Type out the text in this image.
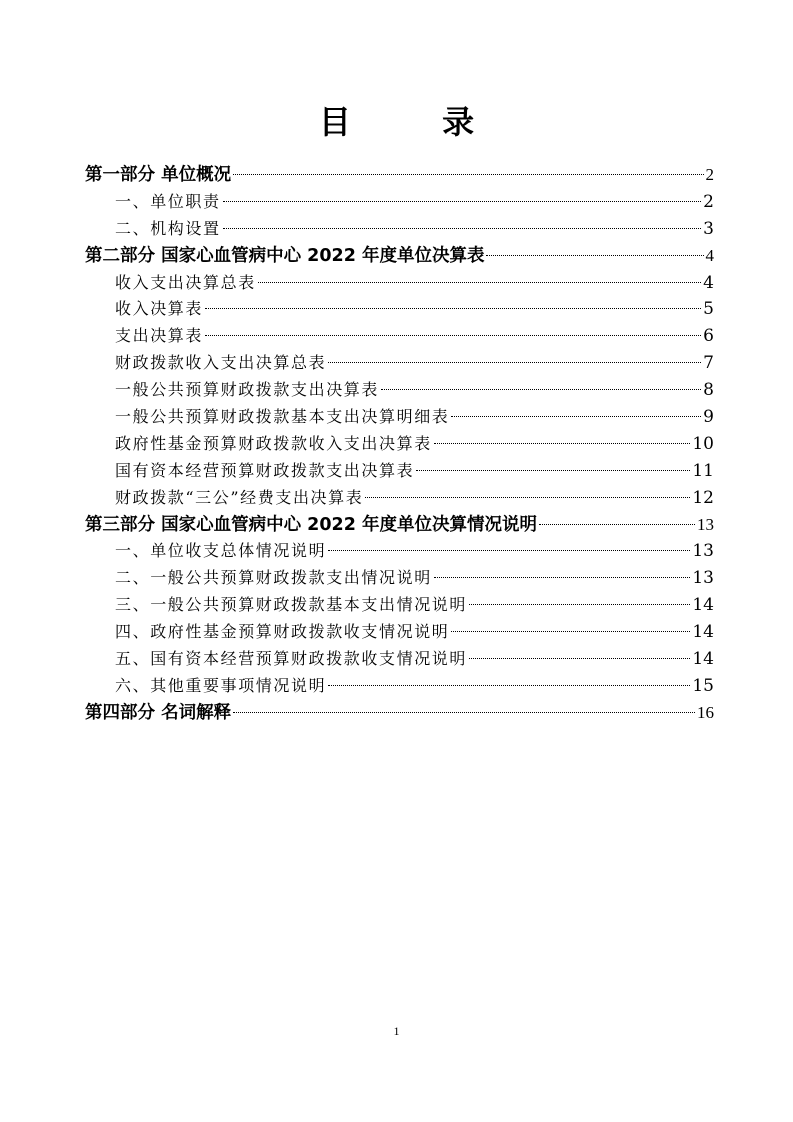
目 录
第一部分 单位概况	2
一、单位职责	2
二、机构设置	3
第二部分 国家心血管病中心 2022 年度单位决算表	4
收入支出决算总表	4
收入决算表	5
支出决算表	6
财政拨款收入支出决算总表	7
一般公共预算财政拨款支出决算表	8
一般公共预算财政拨款基本支出决算明细表	9
政府性基金预算财政拨款收入支出决算表	10
国有资本经营预算财政拨款支出决算表	11
财政拨款“三公”经费支出决算表	12
第三部分 国家心血管病中心 2022 年度单位决算情况说明	13
一、单位收支总体情况说明	13
二、一般公共预算财政拨款支出情况说明	13
三、一般公共预算财政拨款基本支出情况说明	14
四、政府性基金预算财政拨款收支情况说明	14
五、国有资本经营预算财政拨款收支情况说明	14
六、其他重要事项情况说明	15
第四部分 名词解释	16
1
